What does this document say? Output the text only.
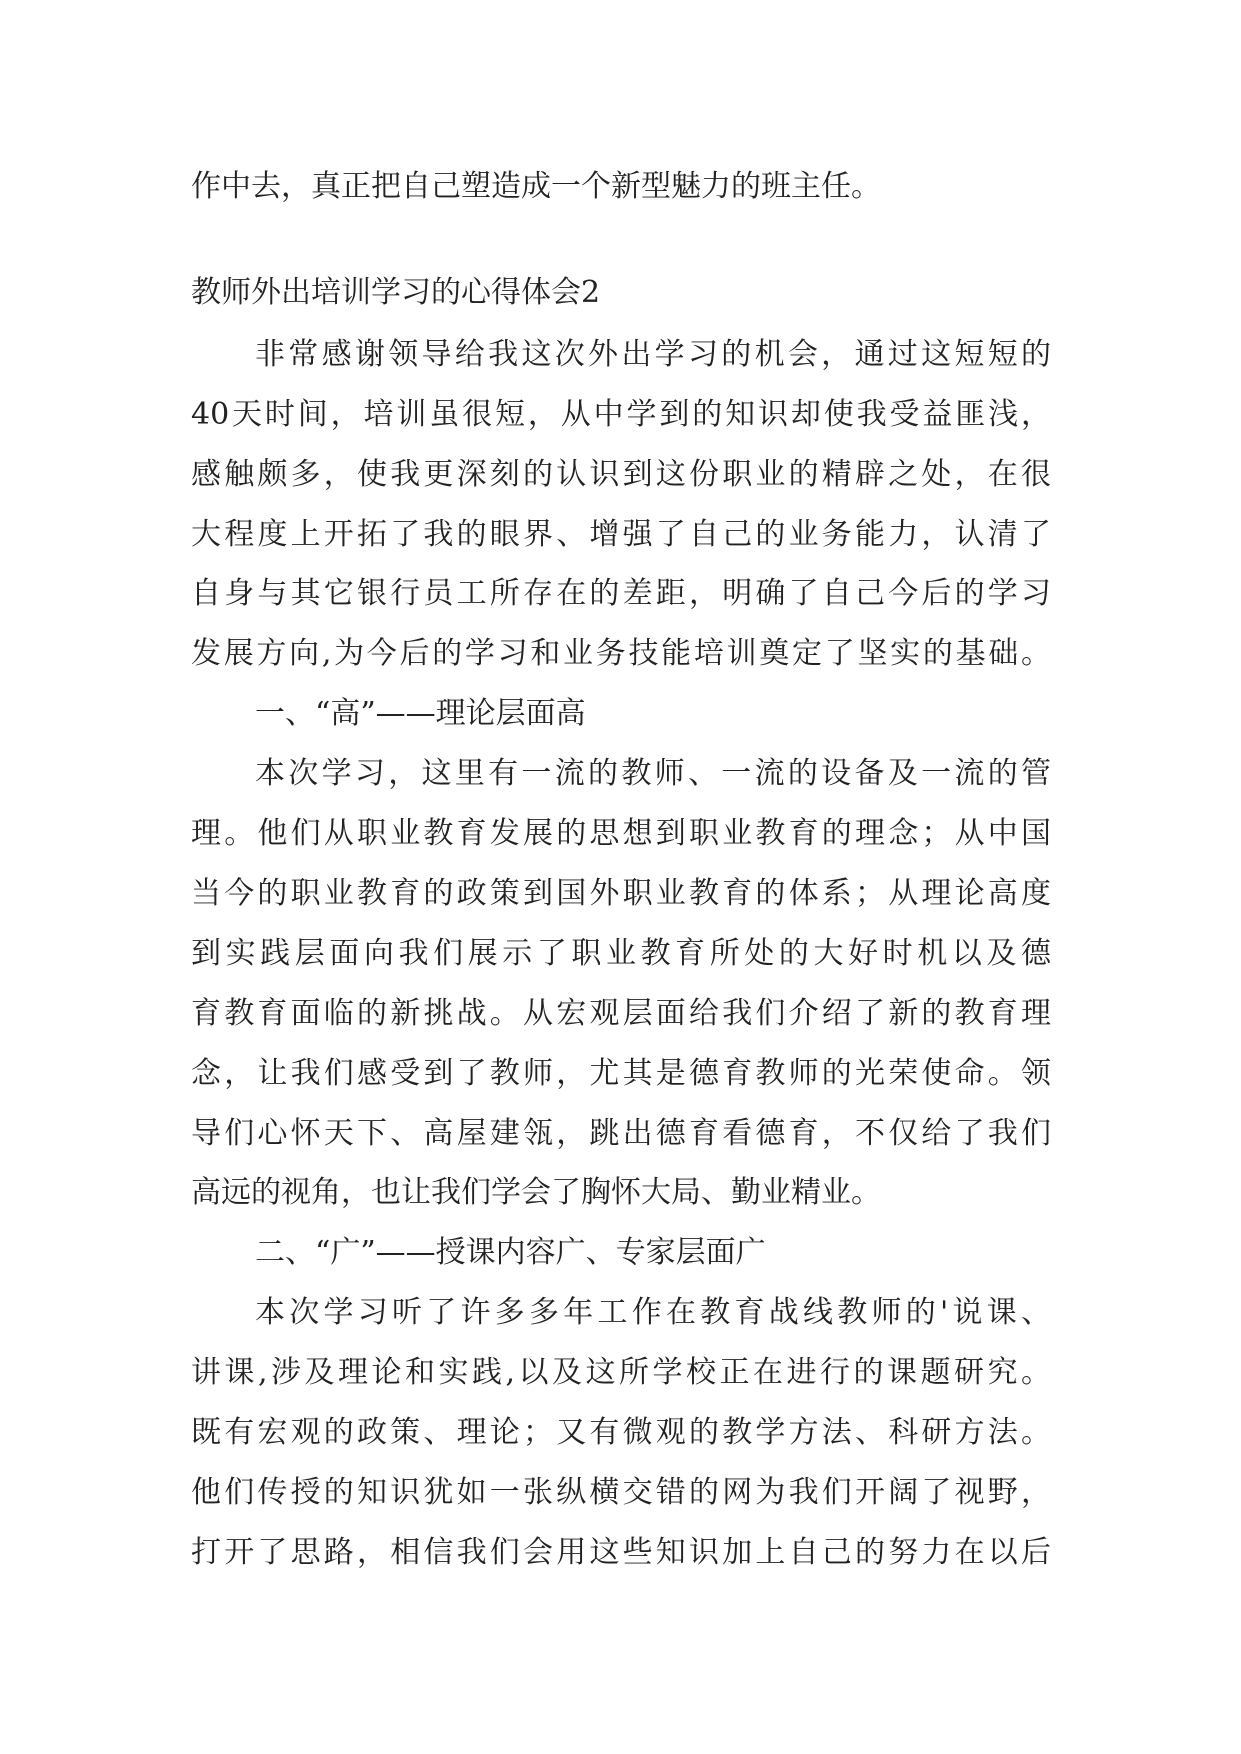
作中去，真正把自己塑造成一个新型魅力的班主任。
教师外出培训学习的心得体会2
非常感谢领导给我这次外出学习的机会，通过这短短的
40天时间，培训虽很短，从中学到的知识却使我受益匪浅，
感触颇多，使我更深刻的认识到这份职业的精辟之处，在很
大程度上开拓了我的眼界、增强了自己的业务能力，认清了
自身与其它银行员工所存在的差距，明确了自己今后的学习
发展方向,为今后的学习和业务技能培训奠定了坚实的基础。
一、“高”——理论层面高
本次学习，这里有一流的教师、一流的设备及一流的管
理。他们从职业教育发展的思想到职业教育的理念；从中国
当今的职业教育的政策到国外职业教育的体系；从理论高度
到实践层面向我们展示了职业教育所处的大好时机以及德
育教育面临的新挑战。从宏观层面给我们介绍了新的教育理
念，让我们感受到了教师，尤其是德育教师的光荣使命。领
导们心怀天下、高屋建瓴，跳出德育看德育，不仅给了我们
高远的视角，也让我们学会了胸怀大局、勤业精业。
二、“广”——授课内容广、专家层面广
本次学习听了许多多年工作在教育战线教师的'说课、
讲课,涉及理论和实践,以及这所学校正在进行的课题研究。
既有宏观的政策、理论；又有微观的教学方法、科研方法。
他们传授的知识犹如一张纵横交错的网为我们开阔了视野，
打开了思路，相信我们会用这些知识加上自己的努力在以后
